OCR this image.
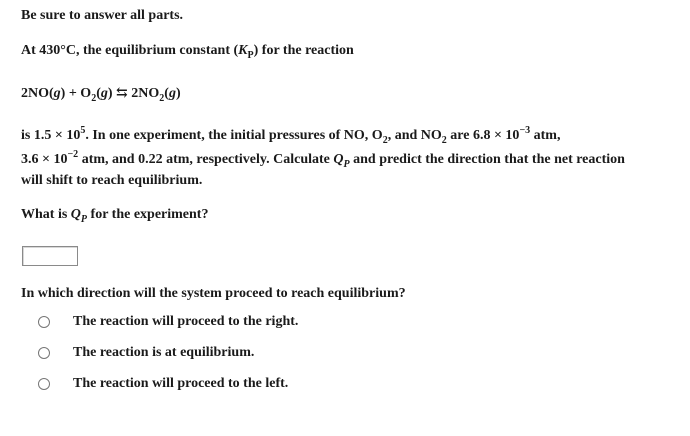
Be sure to answer all parts.
At 430°C, the equilibrium constant $(K_P)$ for the reaction
$2NO(g) + O_2(g)$ ⇆ $2NO_2(g)$
is $1.5 \times 10^5$. In one experiment, the initial pressures of NO, $O_2$, and $NO_2$ are $6.8 \times 10^{-3}$ atm,
$3.6 \times 10^{-2}$ atm, and 0.22 atm, respectively. Calculate $Q_P$ and predict the direction that the net reaction
will shift to reach equilibrium.
What is $Q_P$ for the experiment?
In which direction will the system proceed to reach equilibrium?
The reaction will proceed to the right.
The reaction is at equilibrium.
The reaction will proceed to the left.
